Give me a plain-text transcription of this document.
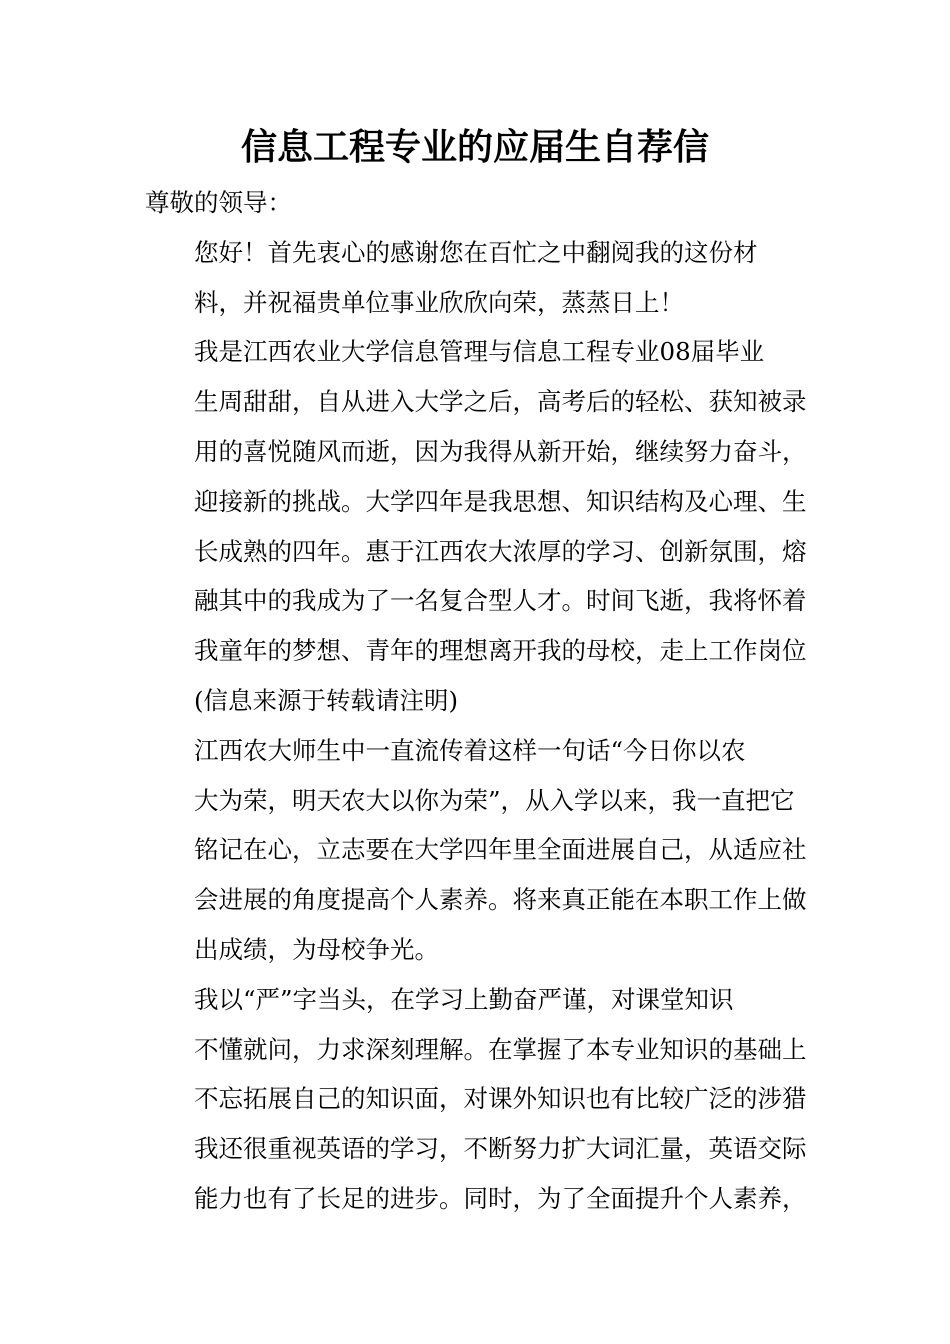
信息工程专业的应届生自荐信

尊敬的领导：

您好！首先衷心的感谢您在百忙之中翻阅我的这份材
料，并祝福贵单位事业欣欣向荣，蒸蒸日上！

我是江西农业大学信息管理与信息工程专业08届毕业
生周甜甜，自从进入大学之后，高考后的轻松、获知被录
用的喜悦随风而逝，因为我得从新开始，继续努力奋斗，
迎接新的挑战。大学四年是我思想、知识结构及心理、生
长成熟的四年。惠于江西农大浓厚的学习、创新氛围，熔
融其中的我成为了一名复合型人才。时间飞逝，我将怀着
我童年的梦想、青年的理想离开我的母校，走上工作岗位
(信息来源于转载请注明)

江西农大师生中一直流传着这样一句话“今日你以农
大为荣，明天农大以你为荣”，从入学以来，我一直把它
铭记在心，立志要在大学四年里全面进展自己，从适应社
会进展的角度提高个人素养。将来真正能在本职工作上做
出成绩，为母校争光。

我以“严”字当头，在学习上勤奋严谨，对课堂知识
不懂就问，力求深刻理解。在掌握了本专业知识的基础上
不忘拓展自己的知识面，对课外知识也有比较广泛的涉猎
我还很重视英语的学习，不断努力扩大词汇量，英语交际
能力也有了长足的进步。同时，为了全面提升个人素养，
